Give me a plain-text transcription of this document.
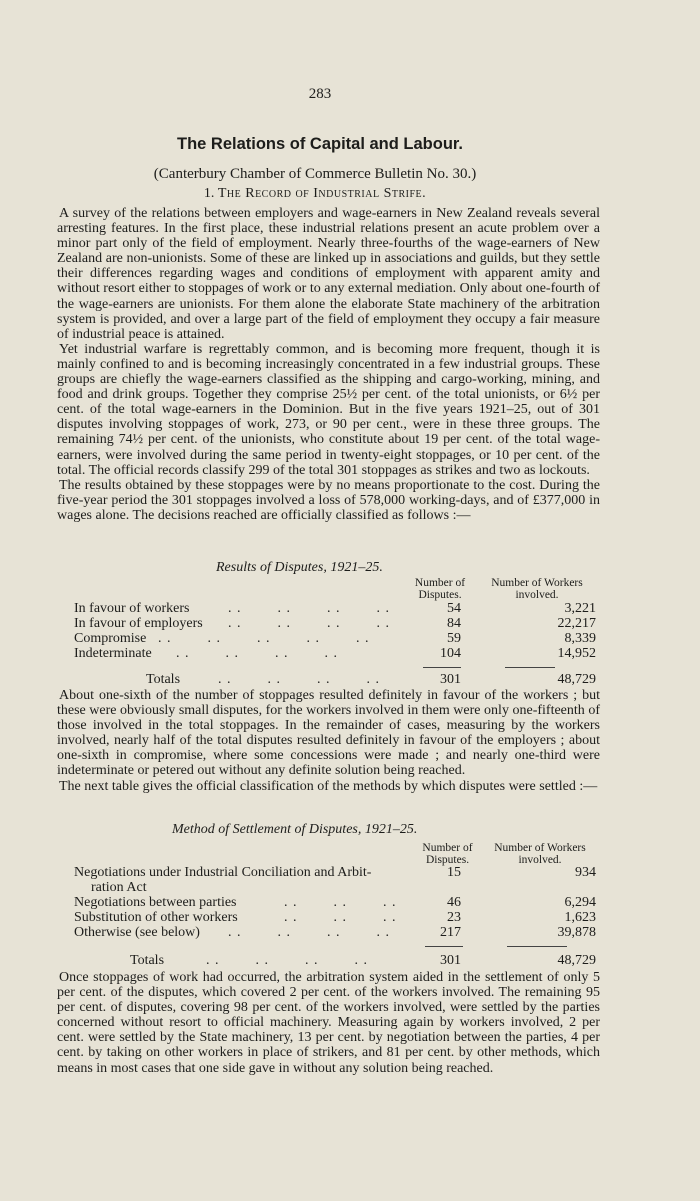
283
The Relations of Capital and Labour.
(Canterbury Chamber of Commerce Bulletin No. 30.)
1. The Record of Industrial Strife.

A survey of the relations between employers and wage-earners in New Zealand reveals several arresting features. In the first place, these industrial relations present an acute problem over a minor part only of the field of employment. Nearly three-fourths of the wage-earners of New Zealand are non-unionists. Some of these are linked up in associations and guilds, but they settle their differences regarding wages and conditions of employment with apparent amity and without resort either to stoppages of work or to any external mediation. Only about one-fourth of the wage-earners are unionists. For them alone the elaborate State machinery of the arbitration system is provided, and over a large part of the field of employment they occupy a fair measure of industrial peace is attained.

Yet industrial warfare is regrettably common, and is becoming more frequent, though it is mainly confined to and is becoming increasingly concentrated in a few industrial groups. These groups are chiefly the wage-earners classified as the shipping and cargo-working, mining, and food and drink groups. Together they comprise 25½ per cent. of the total unionists, or 6½ per cent. of the total wage-earners in the Dominion. But in the five years 1921–25, out of 301 disputes involving stoppages of work, 273, or 90 per cent., were in these three groups. The remaining 74½ per cent. of the unionists, who constitute about 19 per cent. of the total wage-earners, were involved during the same period in twenty-eight stoppages, or 10 per cent. of the total. The official records classify 299 of the total 301 stoppages as strikes and two as lockouts.

The results obtained by these stoppages were by no means proportionate to the cost. During the five-year period the 301 stoppages involved a loss of 578,000 working-days, and of £377,000 in wages alone. The decisions reached are officially classified as follows :—

Results of Disputes, 1921–25.
Number of Disputes.
Number of Workers involved.
In favour of workers	. .        . .        . .        . .	54	3,221
In favour of employers . .        . .        . .        . .	84	22,217
Compromise . .        . .        . .        . .        . .	59	8,339
Indeterminate . .        . .        . .        . .	104	14,952
Totals	. .        . .        . .        . .	301	48,729

About one-sixth of the number of stoppages resulted definitely in favour of the workers ; but these were obviously small disputes, for the workers involved in them were only one-fifteenth of those involved in the total stoppages. In the remainder of cases, measuring by the workers involved, nearly half of the total disputes resulted definitely in favour of the employers ; about one-sixth in compromise, where some concessions were made ; and nearly one-third were indeterminate or petered out without any definite solution being reached.

The next table gives the official classification of the methods by which disputes were settled :—

Method of Settlement of Disputes, 1921–25.
Number of Disputes.
Number of Workers involved.
Negotiations under Industrial Conciliation and Arbit-	15	934
ration Act
Negotiations between parties	. .        . .        . .	46	6,294
Substitution of other workers	. .        . .        . .	23	1,623
Otherwise (see below) . .        . .        . .        . .	217	39,878
Totals	. .        . .        . .        . .	301	48,729

Once stoppages of work had occurred, the arbitration system aided in the settlement of only 5 per cent. of the disputes, which covered 2 per cent. of the workers involved. The remaining 95 per cent. of disputes, covering 98 per cent. of the workers involved, were settled by the parties concerned without resort to official machinery. Measuring again by workers involved, 2 per cent. were settled by the State machinery, 13 per cent. by negotiation between the parties, 4 per cent. by taking on other workers in place of strikers, and 81 per cent. by other methods, which means in most cases that one side gave in without any solution being reached.
